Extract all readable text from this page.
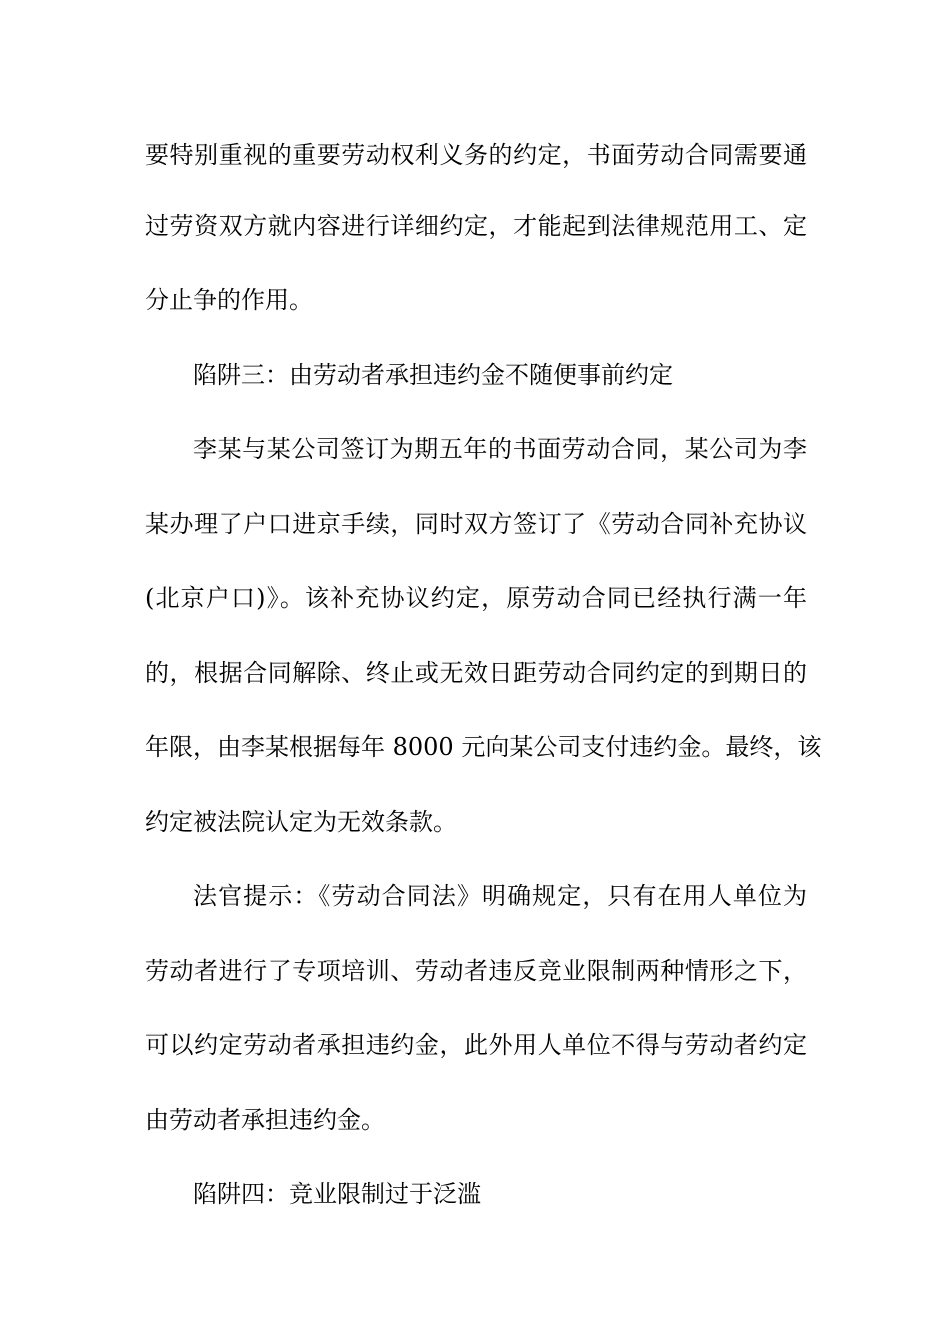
要特别重视的重要劳动权利义务的约定，书面劳动合同需要通
过劳资双方就内容进行详细约定，才能起到法律规范用工、定
分止争的作用。
陷阱三：由劳动者承担违约金不随便事前约定
李某与某公司签订为期五年的书面劳动合同，某公司为李
某办理了户口进京手续，同时双方签订了《劳动合同补充协议
(北京户口)》。该补充协议约定，原劳动合同已经执行满一年
的，根据合同解除、终止或无效日距劳动合同约定的到期日的
年限，由李某根据每年 8000 元向某公司支付违约金。最终，该
约定被法院认定为无效条款。
法官提示：《劳动合同法》明确规定，只有在用人单位为
劳动者进行了专项培训、劳动者违反竞业限制两种情形之下，
可以约定劳动者承担违约金，此外用人单位不得与劳动者约定
由劳动者承担违约金。
陷阱四：竞业限制过于泛滥
